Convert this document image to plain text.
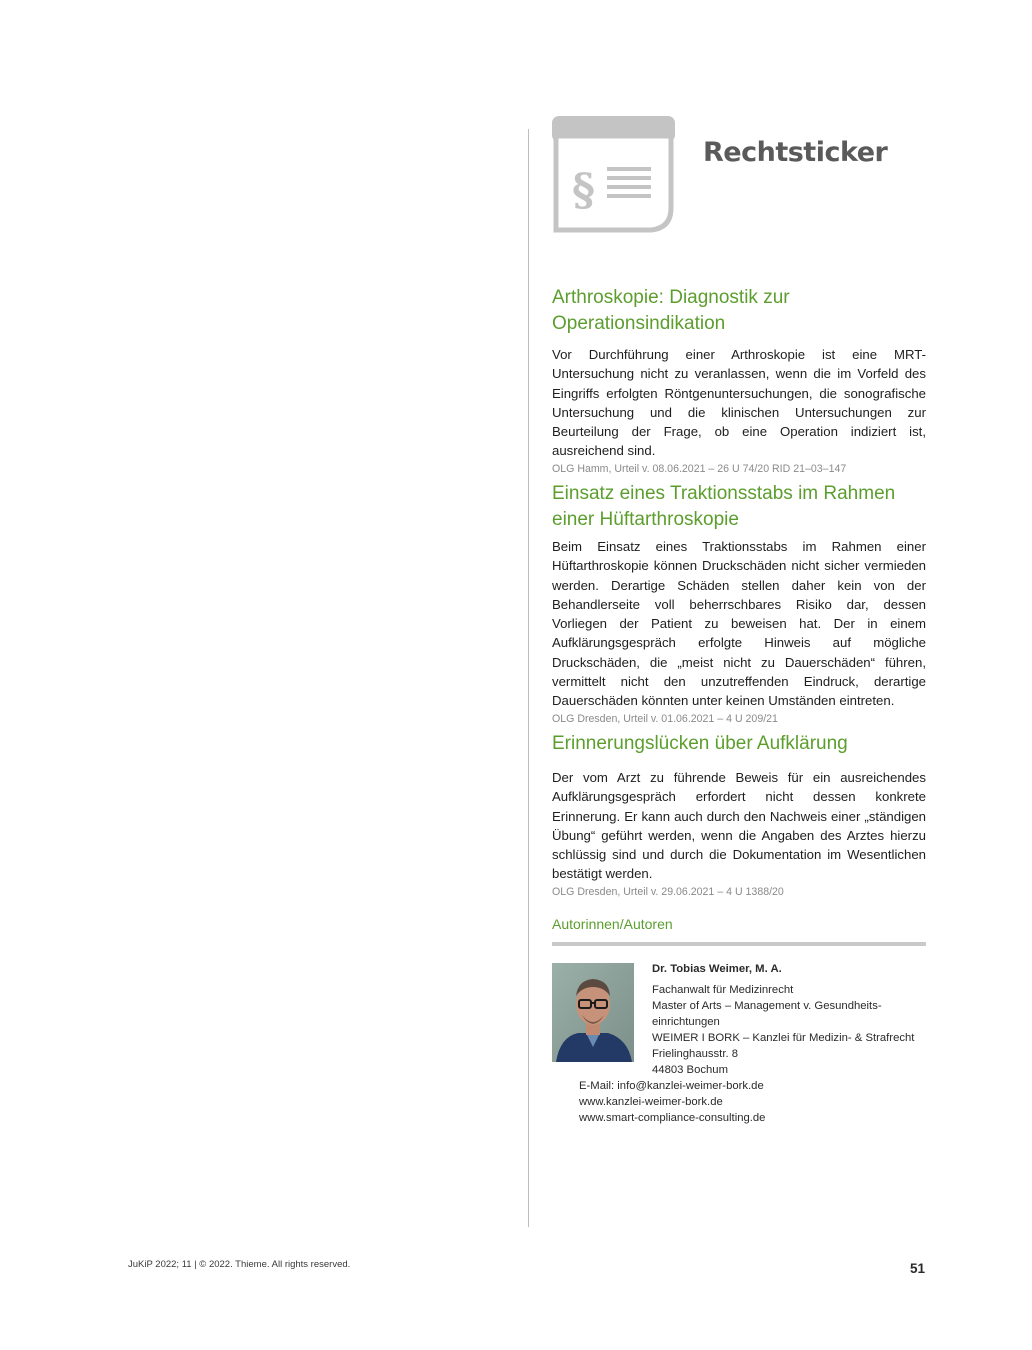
§
Rechtsticker
Arthroskopie: Diagnostik zur
Operationsindikation

Vor Durchführung einer Arthroskopie ist eine MRT-Untersuchung nicht zu veranlassen, wenn die im Vorfeld des Eingriffs erfolgten Röntgenuntersuchungen, die sonografische Untersuchung und die klinischen Untersuchungen zur Beurteilung der Frage, ob eine Operation indiziert ist, ausreichend sind.

OLG Hamm, Urteil v. 08.06.2021 – 26 U 74/20 RID 21–03–147

Einsatz eines Traktionsstabs im Rahmen
einer Hüftarthroskopie

Beim Einsatz eines Traktionsstabs im Rahmen einer Hüftarthroskopie können Druckschäden nicht sicher vermieden werden. Derartige Schäden stellen daher kein von der Behandlerseite voll beherrschbares Risiko dar, dessen Vorliegen der Patient zu beweisen hat. Der in einem Aufklärungsgespräch erfolgte Hinweis auf mögliche Druckschäden, die „meist nicht zu Dauerschäden“ führen, vermittelt nicht den unzutreffenden Eindruck, derartige Dauerschäden könnten unter keinen Umständen eintreten.

OLG Dresden, Urteil v. 01.06.2021 – 4 U 209/21

Erinnerungslücken über Aufklärung

Der vom Arzt zu führende Beweis für ein ausreichendes Aufklärungsgespräch erfordert nicht dessen konkrete Erinnerung. Er kann auch durch den Nachweis einer „ständigen Übung“ geführt werden, wenn die Angaben des Arztes hierzu schlüssig sind und durch die Dokumentation im Wesentlichen bestätigt werden.

OLG Dresden, Urteil v. 29.06.2021 – 4 U 1388/20

Autorinnen/Autoren
Dr. Tobias Weimer, M. A.
Fachanwalt für Medizinrecht
Master of Arts – Management v. Gesundheits-
einrichtungen
WEIMER I BORK – Kanzlei für Medizin- & Strafrecht
Frielinghausstr. 8
44803 Bochum
E-Mail: info@kanzlei-weimer-bork.de
www.kanzlei-weimer-bork.de
www.smart-compliance-consulting.de
JuKiP 2022; 11 | © 2022. Thieme. All rights reserved.	51
